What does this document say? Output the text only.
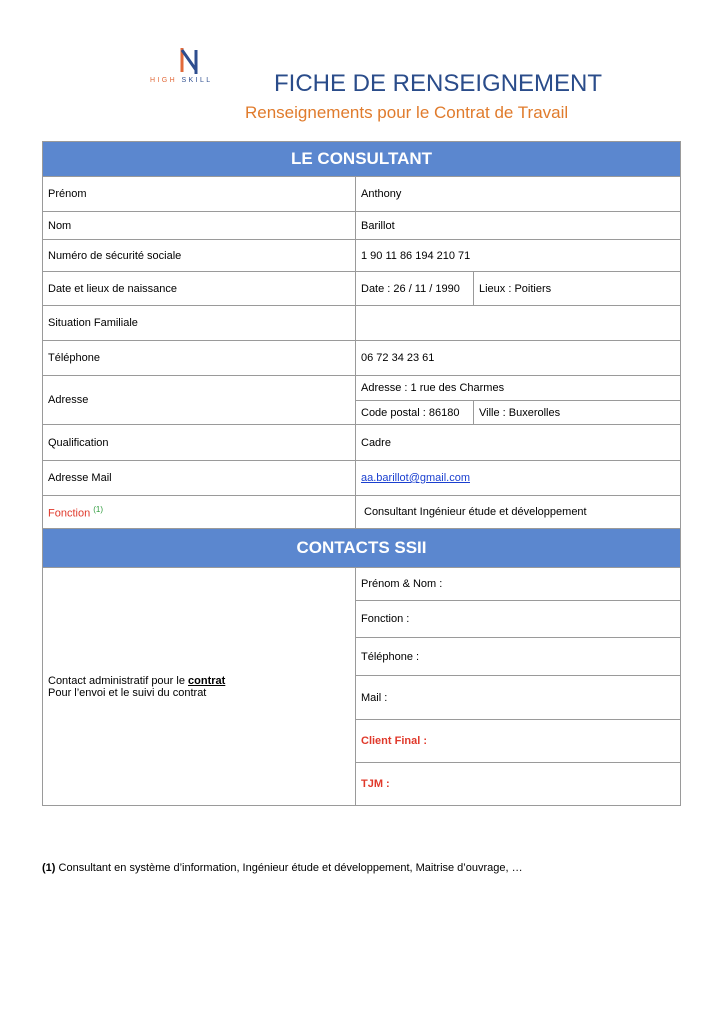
HIGH SKILL	FICHE DE RENSEIGNEMENT
Renseignements pour le Contrat de Travail
LE CONSULTANT		
Prénom	Anthony	
Nom	Barillot	
Numéro de sécurité sociale	1 90 11 86 194 210 71	
Date et lieux de naissance	Date : 26 / 11 / 1990	Lieux : Poitiers
Situation Familiale		
Téléphone	06 72 34 23 61	
Adresse	Adresse : 1 rue des Charmes	
	Code postal : 86180	Ville : Buxerolles
Qualification	Cadre	
Adresse Mail	aa.barillot@gmail.com	
Fonction $^{(1)}$	Consultant Ingénieur étude et développement	
CONTACTS SSII		

Contact administratif pour le contrat
Pour l’envoi et le suivi du contrat	Prénom & Nom :	
	Fonction :	
	Téléphone :	
	Mail :	
	Client Final :	
	TJM :	
(1) Consultant en système d’information, Ingénieur étude et développement, Maitrise d’ouvrage, …
